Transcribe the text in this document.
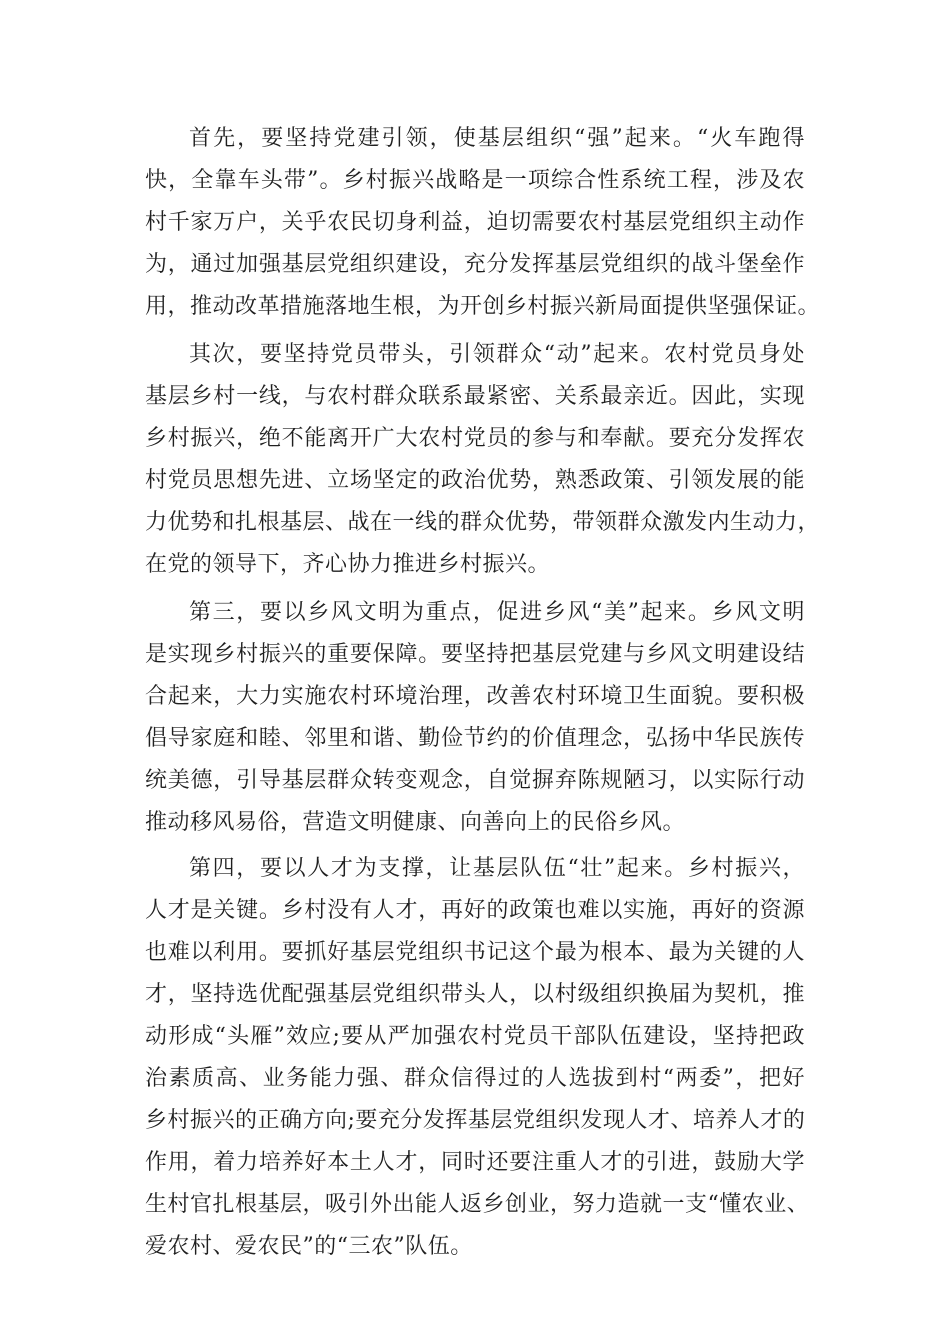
首先，要坚持党建引领，使基层组织“强”起来。“火车跑得
快，全靠车头带”。乡村振兴战略是一项综合性系统工程，涉及农
村千家万户，关乎农民切身利益，迫切需要农村基层党组织主动作
为，通过加强基层党组织建设，充分发挥基层党组织的战斗堡垒作
用，推动改革措施落地生根，为开创乡村振兴新局面提供坚强保证。

其次，要坚持党员带头，引领群众“动”起来。农村党员身处
基层乡村一线，与农村群众联系最紧密、关系最亲近。因此，实现
乡村振兴，绝不能离开广大农村党员的参与和奉献。要充分发挥农
村党员思想先进、立场坚定的政治优势，熟悉政策、引领发展的能
力优势和扎根基层、战在一线的群众优势，带领群众激发内生动力，
在党的领导下，齐心协力推进乡村振兴。

第三，要以乡风文明为重点，促进乡风“美”起来。乡风文明
是实现乡村振兴的重要保障。要坚持把基层党建与乡风文明建设结
合起来，大力实施农村环境治理，改善农村环境卫生面貌。要积极
倡导家庭和睦、邻里和谐、勤俭节约的价值理念，弘扬中华民族传
统美德，引导基层群众转变观念，自觉摒弃陈规陋习，以实际行动
推动移风易俗，营造文明健康、向善向上的民俗乡风。

第四，要以人才为支撑，让基层队伍“壮”起来。乡村振兴，
人才是关键。乡村没有人才，再好的政策也难以实施，再好的资源
也难以利用。要抓好基层党组织书记这个最为根本、最为关键的人
才，坚持选优配强基层党组织带头人，以村级组织换届为契机，推
动形成“头雁”效应;要从严加强农村党员干部队伍建设，坚持把政
治素质高、业务能力强、群众信得过的人选拔到村“两委”，把好
乡村振兴的正确方向;要充分发挥基层党组织发现人才、培养人才的
作用，着力培养好本土人才，同时还要注重人才的引进，鼓励大学
生村官扎根基层，吸引外出能人返乡创业，努力造就一支“懂农业、
爱农村、爱农民”的“三农”队伍。
